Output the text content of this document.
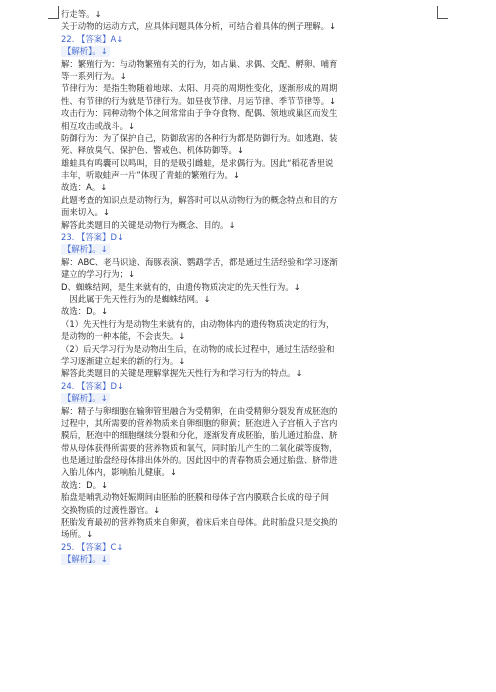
行走等。↓
关于动物的运动方式，应具体问题具体分析，可结合着具体的例子理解。↓
22. 【答案】A↓
【解析】。↓
解：繁殖行为：与动物繁殖有关的行为，如占巢、求偶、交配、孵卵、哺育
等一系列行为。↓
节律行为：是指生物随着地球、太阳、月亮的周期性变化，逐渐形成的周期
性、有节律的行为就是节律行为。如昼夜节律、月运节律、季节节律等。↓
攻击行为：同种动物个体之间常常由于争夺食物、配偶、领地或巢区而发生
相互攻击或战斗。↓
防御行为：为了保护自己，防御敌害的各种行为都是防御行为。如逃跑、装
死、释放臭气、保护色、警戒色、机体防御等。↓
雄蛙具有鸣囊可以鸣叫，目的是吸引雌蛙，是求偶行为。因此“稻花香里说
丰年，听取蛙声一片”体现了青蛙的繁殖行为。↓
故选：A。↓
此题考查的知识点是动物行为，解答时可以从动物行为的概念特点和目的方
面来切入。↓
解答此类题目的关键是动物行为概念、目的。↓
23. 【答案】D↓
【解析】。↓
解：ABC、老马识途、海豚表演、鹦鹉学舌，都是通过生活经验和学习逐渐
建立的学习行为；↓
D、蜘蛛结网，是生来就有的，由遗传物质决定的先天性行为。↓
　因此属于先天性行为的是蜘蛛结网。↓
故选：D。↓
（1）先天性行为是动物生来就有的，由动物体内的遗传物质决定的行为，
是动物的一种本能，不会丧失。↓
（2）后天学习行为是动物出生后，在动物的成长过程中，通过生活经验和
学习逐渐建立起来的新的行为。↓
解答此类题目的关键是理解掌握先天性行为和学习行为的特点。↓
24. 【答案】D↓
【解析】。↓
解：精子与卵细胞在输卵管里融合为受精卵，在由受精卵分裂发育成胚泡的
过程中，其所需要的营养物质来自卵细胞的卵黄；胚泡进入子宫植入子宫内
膜后，胚泡中的细胞继续分裂和分化，逐渐发育成胚胎，胎儿通过胎盘、脐
带从母体获得所需要的营养物质和氧气，同时胎儿产生的二氧化碳等废物，
也是通过胎盘经母体排出体外的。因此因中的青春物质会通过胎盘、脐带进
入胎儿体内，影响胎儿健康。↓
故选：D。↓
胎盘是哺乳动物妊娠期间由胚胎的胚膜和母体子宫内膜联合长成的母子间
交换物质的过渡性器官。↓
胚胎发育最初的营养物质来自卵黄，着床后来自母体。此时胎盘只是交换的
场所。↓
25. 【答案】C↓
【解析】。↓
